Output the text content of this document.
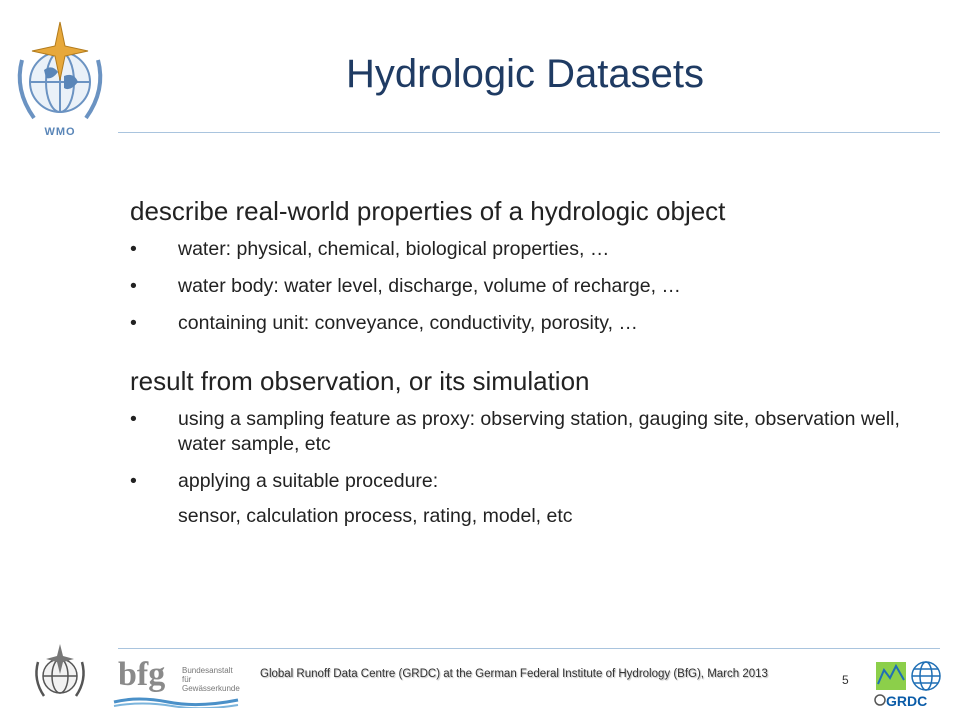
WMO
Hydrologic Datasets
describe real-world properties of a hydrologic object
• water: physical, chemical, biological properties, …
• water body: water level, discharge, volume of recharge, …
• containing unit: conveyance, conductivity, porosity, …
result from observation, or its simulation
• using a sampling feature as proxy: observing station, gauging site, observation well, water sample, etc
• applying a suitable procedure:
sensor, calculation process, rating, model, etc
bfg Bundesanstalt für Gewässerkunde
Global Runoff Data Centre (GRDC) at the German Federal Institute of Hydrology (BfG), March 2013	5
GRDC
